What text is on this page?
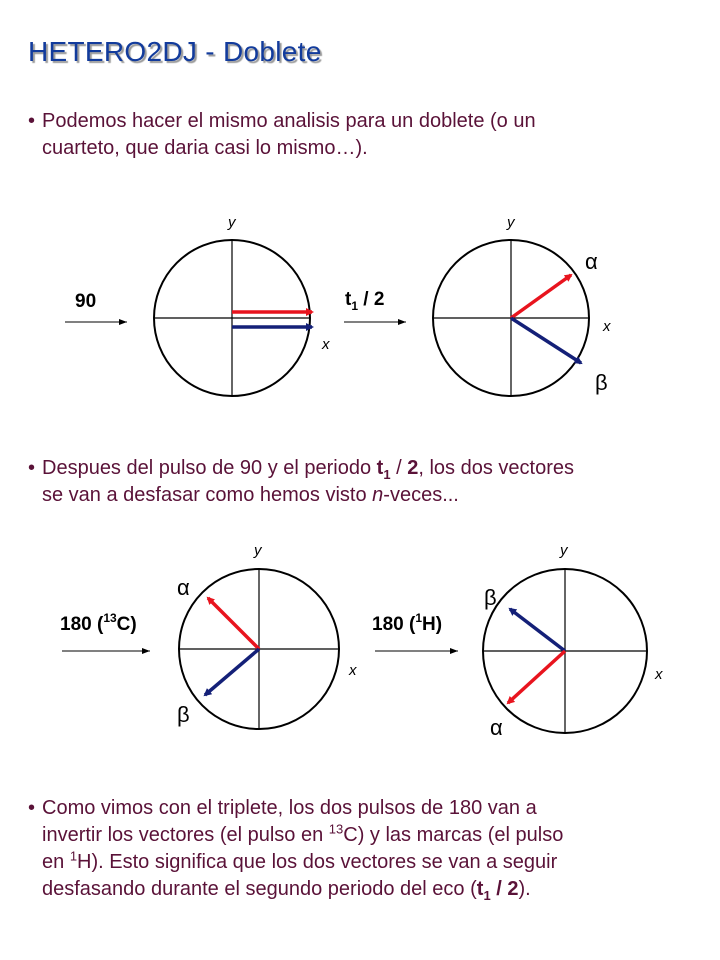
HETERO2DJ - Doblete
• Podemos hacer el mismo analisis para un doblete (o un
cuarteto, que daria casi lo mismo…).
90
y
x
$t_1 / 2$
y
x
α
β
• Despues del pulso de 90 y el periodo $t_1 / 2$, los dos vectores
se van a desfasar como hemos visto n-veces...
180 ($^{13}$C)
y
x
α
β
180 ($^1$H)
y
x
β
α
• Como vimos con el triplete, los dos pulsos de 180 van a
invertir los vectores (el pulso en $^{13}$C) y las marcas (el pulso
en $^1$H). Esto significa que los dos vectores se van a seguir
desfasando durante el segundo periodo del eco $(t_1 / 2)$.
